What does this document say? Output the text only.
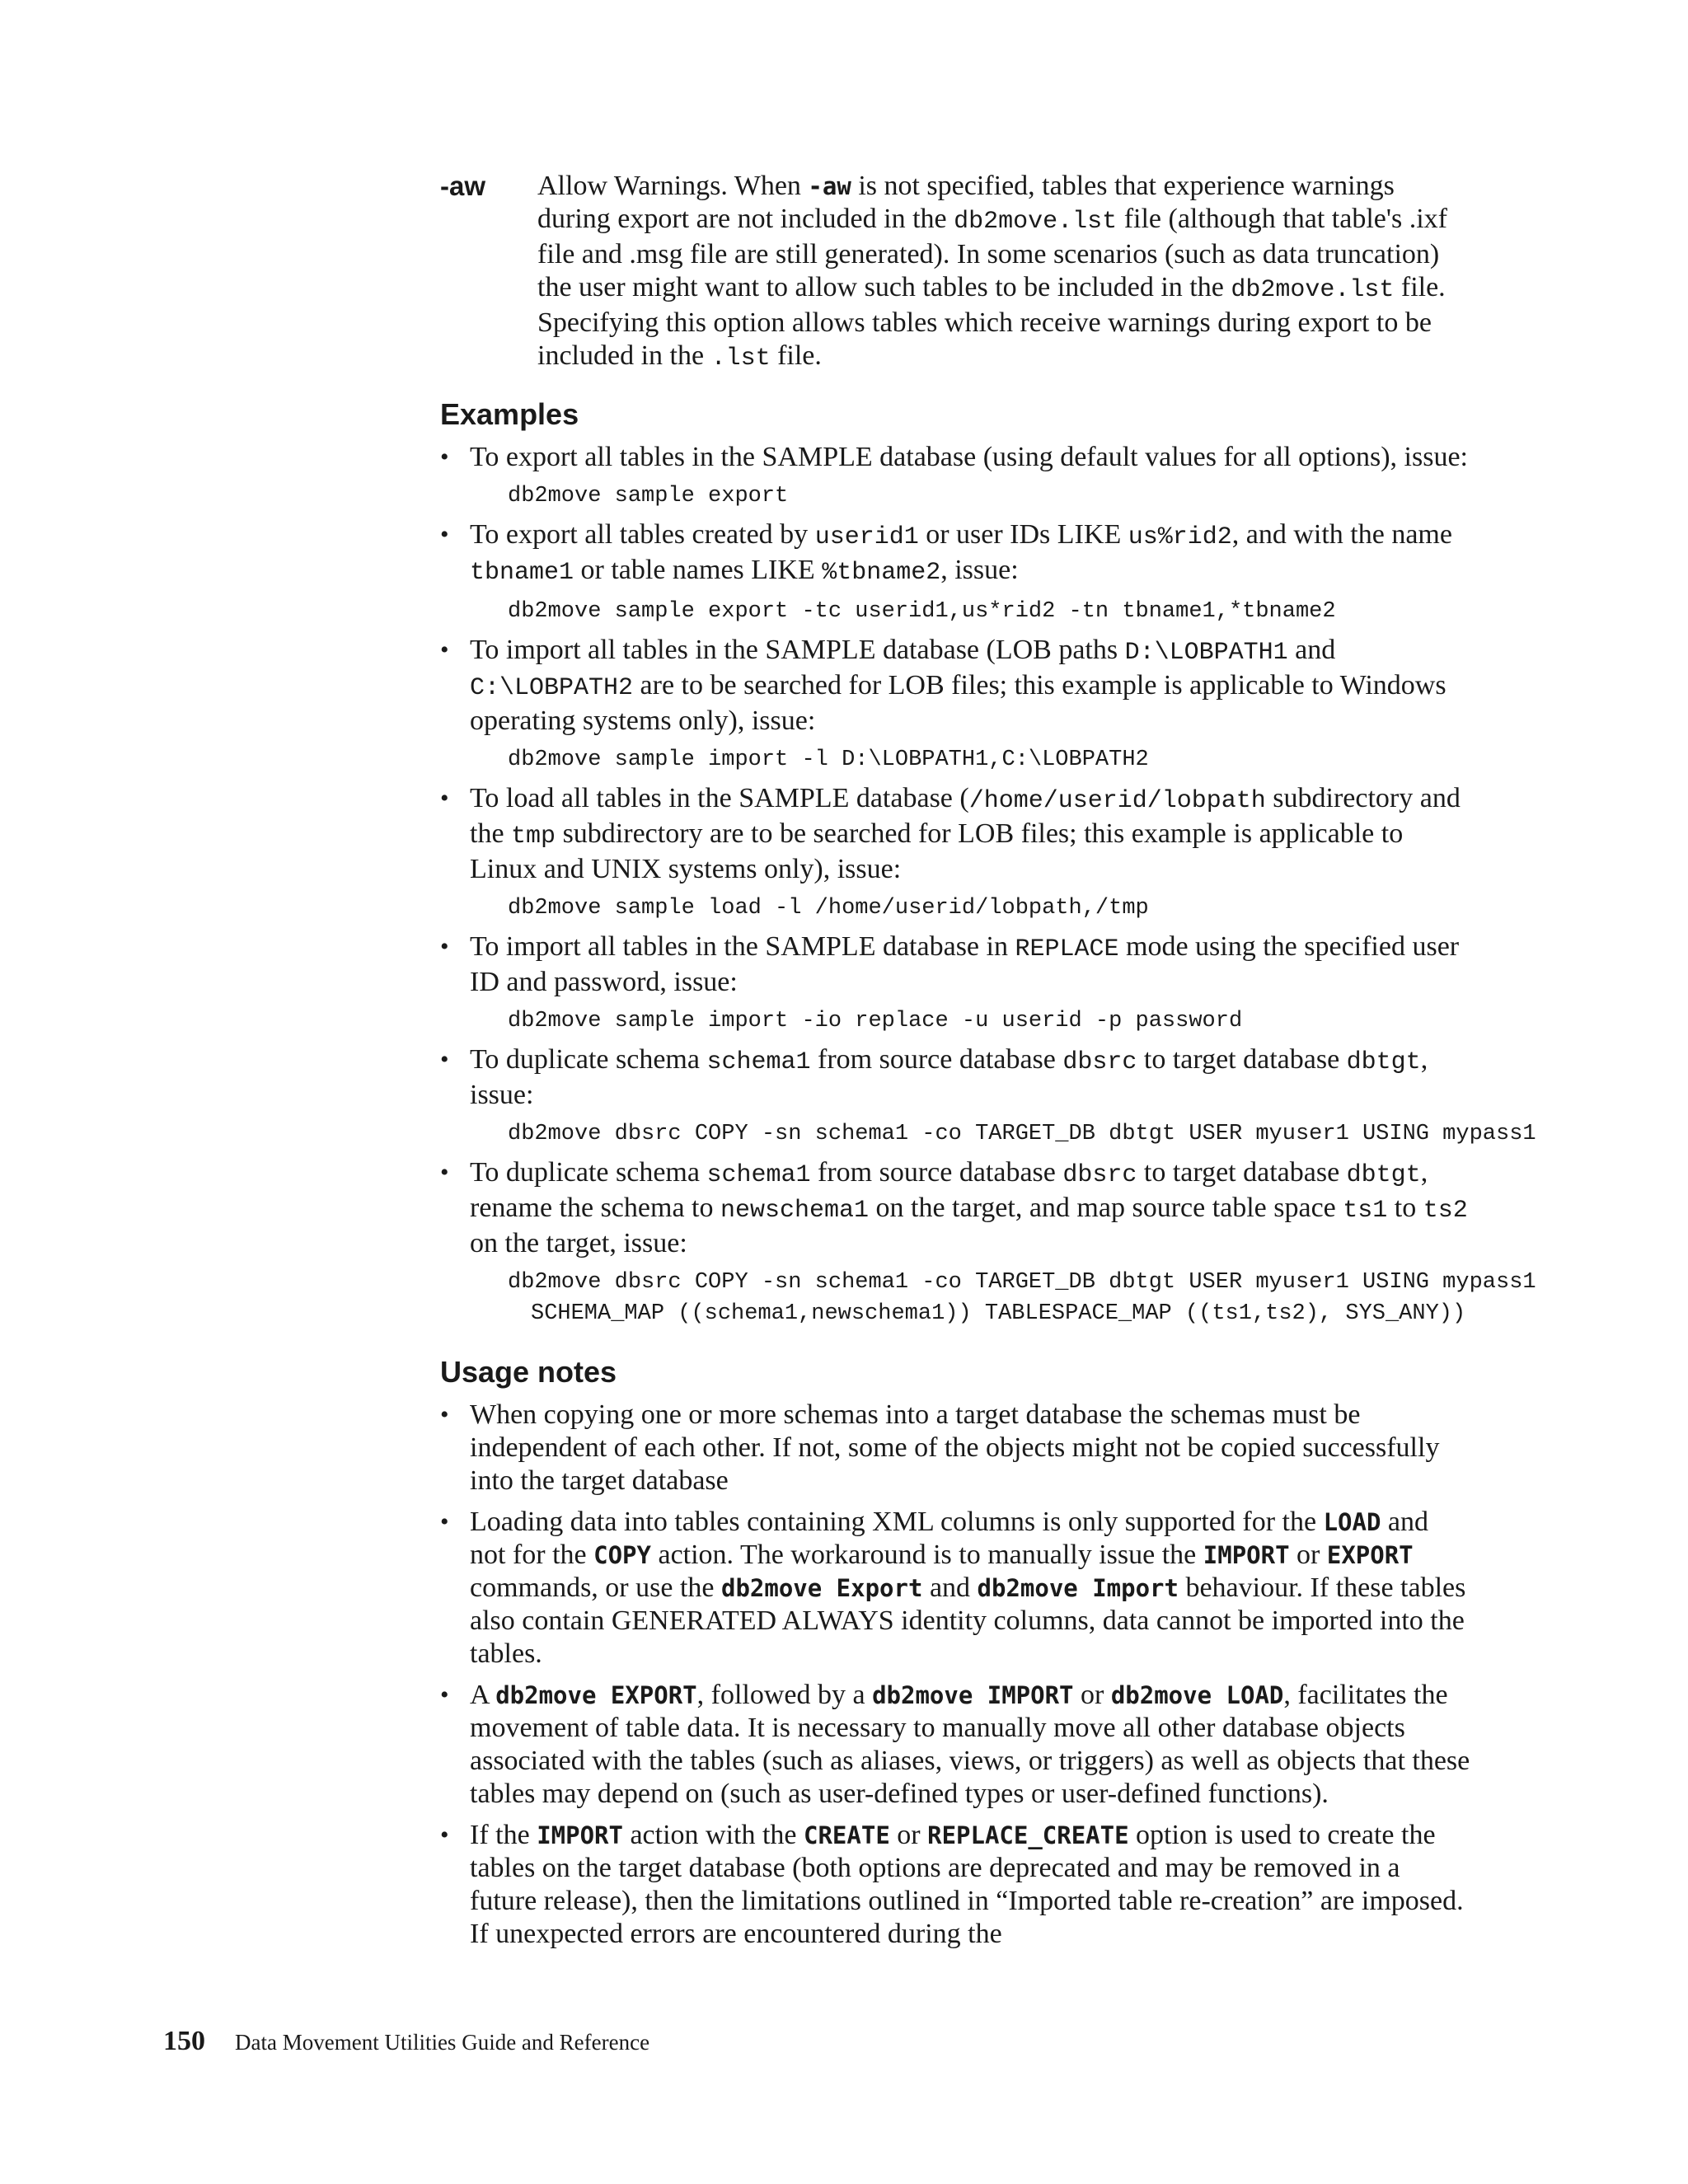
-aw	Allow Warnings. When -aw is not specified, tables that experience warnings during export are not included in the db2move.lst file (although that table's .ixf file and .msg file are still generated). In some scenarios (such as data truncation) the user might want to allow such tables to be included in the db2move.lst file. Specifying this option allows tables which receive warnings during export to be included in the .lst file.
Examples
• To export all tables in the SAMPLE database (using default values for all options), issue:
db2move sample export
• To export all tables created by userid1 or user IDs LIKE us%rid2, and with the name tbname1 or table names LIKE %tbname2, issue:
db2move sample export -tc userid1,us*rid2 -tn tbname1,*tbname2
• To import all tables in the SAMPLE database (LOB paths D:\LOBPATH1 and C:\LOBPATH2 are to be searched for LOB files; this example is applicable to Windows operating systems only), issue:
db2move sample import -l D:\LOBPATH1,C:\LOBPATH2
• To load all tables in the SAMPLE database (/home/userid/lobpath subdirectory and the tmp subdirectory are to be searched for LOB files; this example is applicable to Linux and UNIX systems only), issue:
db2move sample load -l /home/userid/lobpath,/tmp
• To import all tables in the SAMPLE database in REPLACE mode using the specified user ID and password, issue:
db2move sample import -io replace -u userid -p password
• To duplicate schema schema1 from source database dbsrc to target database dbtgt, issue:
db2move dbsrc COPY -sn schema1 -co TARGET_DB dbtgt USER myuser1 USING mypass1
• To duplicate schema schema1 from source database dbsrc to target database dbtgt, rename the schema to newschema1 on the target, and map source table space ts1 to ts2 on the target, issue:
db2move dbsrc COPY -sn schema1 -co TARGET_DB dbtgt USER myuser1 USING mypass1
SCHEMA_MAP ((schema1,newschema1)) TABLESPACE_MAP ((ts1,ts2), SYS_ANY))
Usage notes
• When copying one or more schemas into a target database the schemas must be independent of each other. If not, some of the objects might not be copied successfully into the target database
• Loading data into tables containing XML columns is only supported for the LOAD and not for the COPY action. The workaround is to manually issue the IMPORT or EXPORT commands, or use the db2move Export and db2move Import behaviour. If these tables also contain GENERATED ALWAYS identity columns, data cannot be imported into the tables.
• A db2move EXPORT, followed by a db2move IMPORT or db2move LOAD, facilitates the movement of table data. It is necessary to manually move all other database objects associated with the tables (such as aliases, views, or triggers) as well as objects that these tables may depend on (such as user-defined types or user-defined functions).
• If the IMPORT action with the CREATE or REPLACE_CREATE option is used to create the tables on the target database (both options are deprecated and may be removed in a future release), then the limitations outlined in “Imported table re-creation” are imposed. If unexpected errors are encountered during the
150 Data Movement Utilities Guide and Reference
